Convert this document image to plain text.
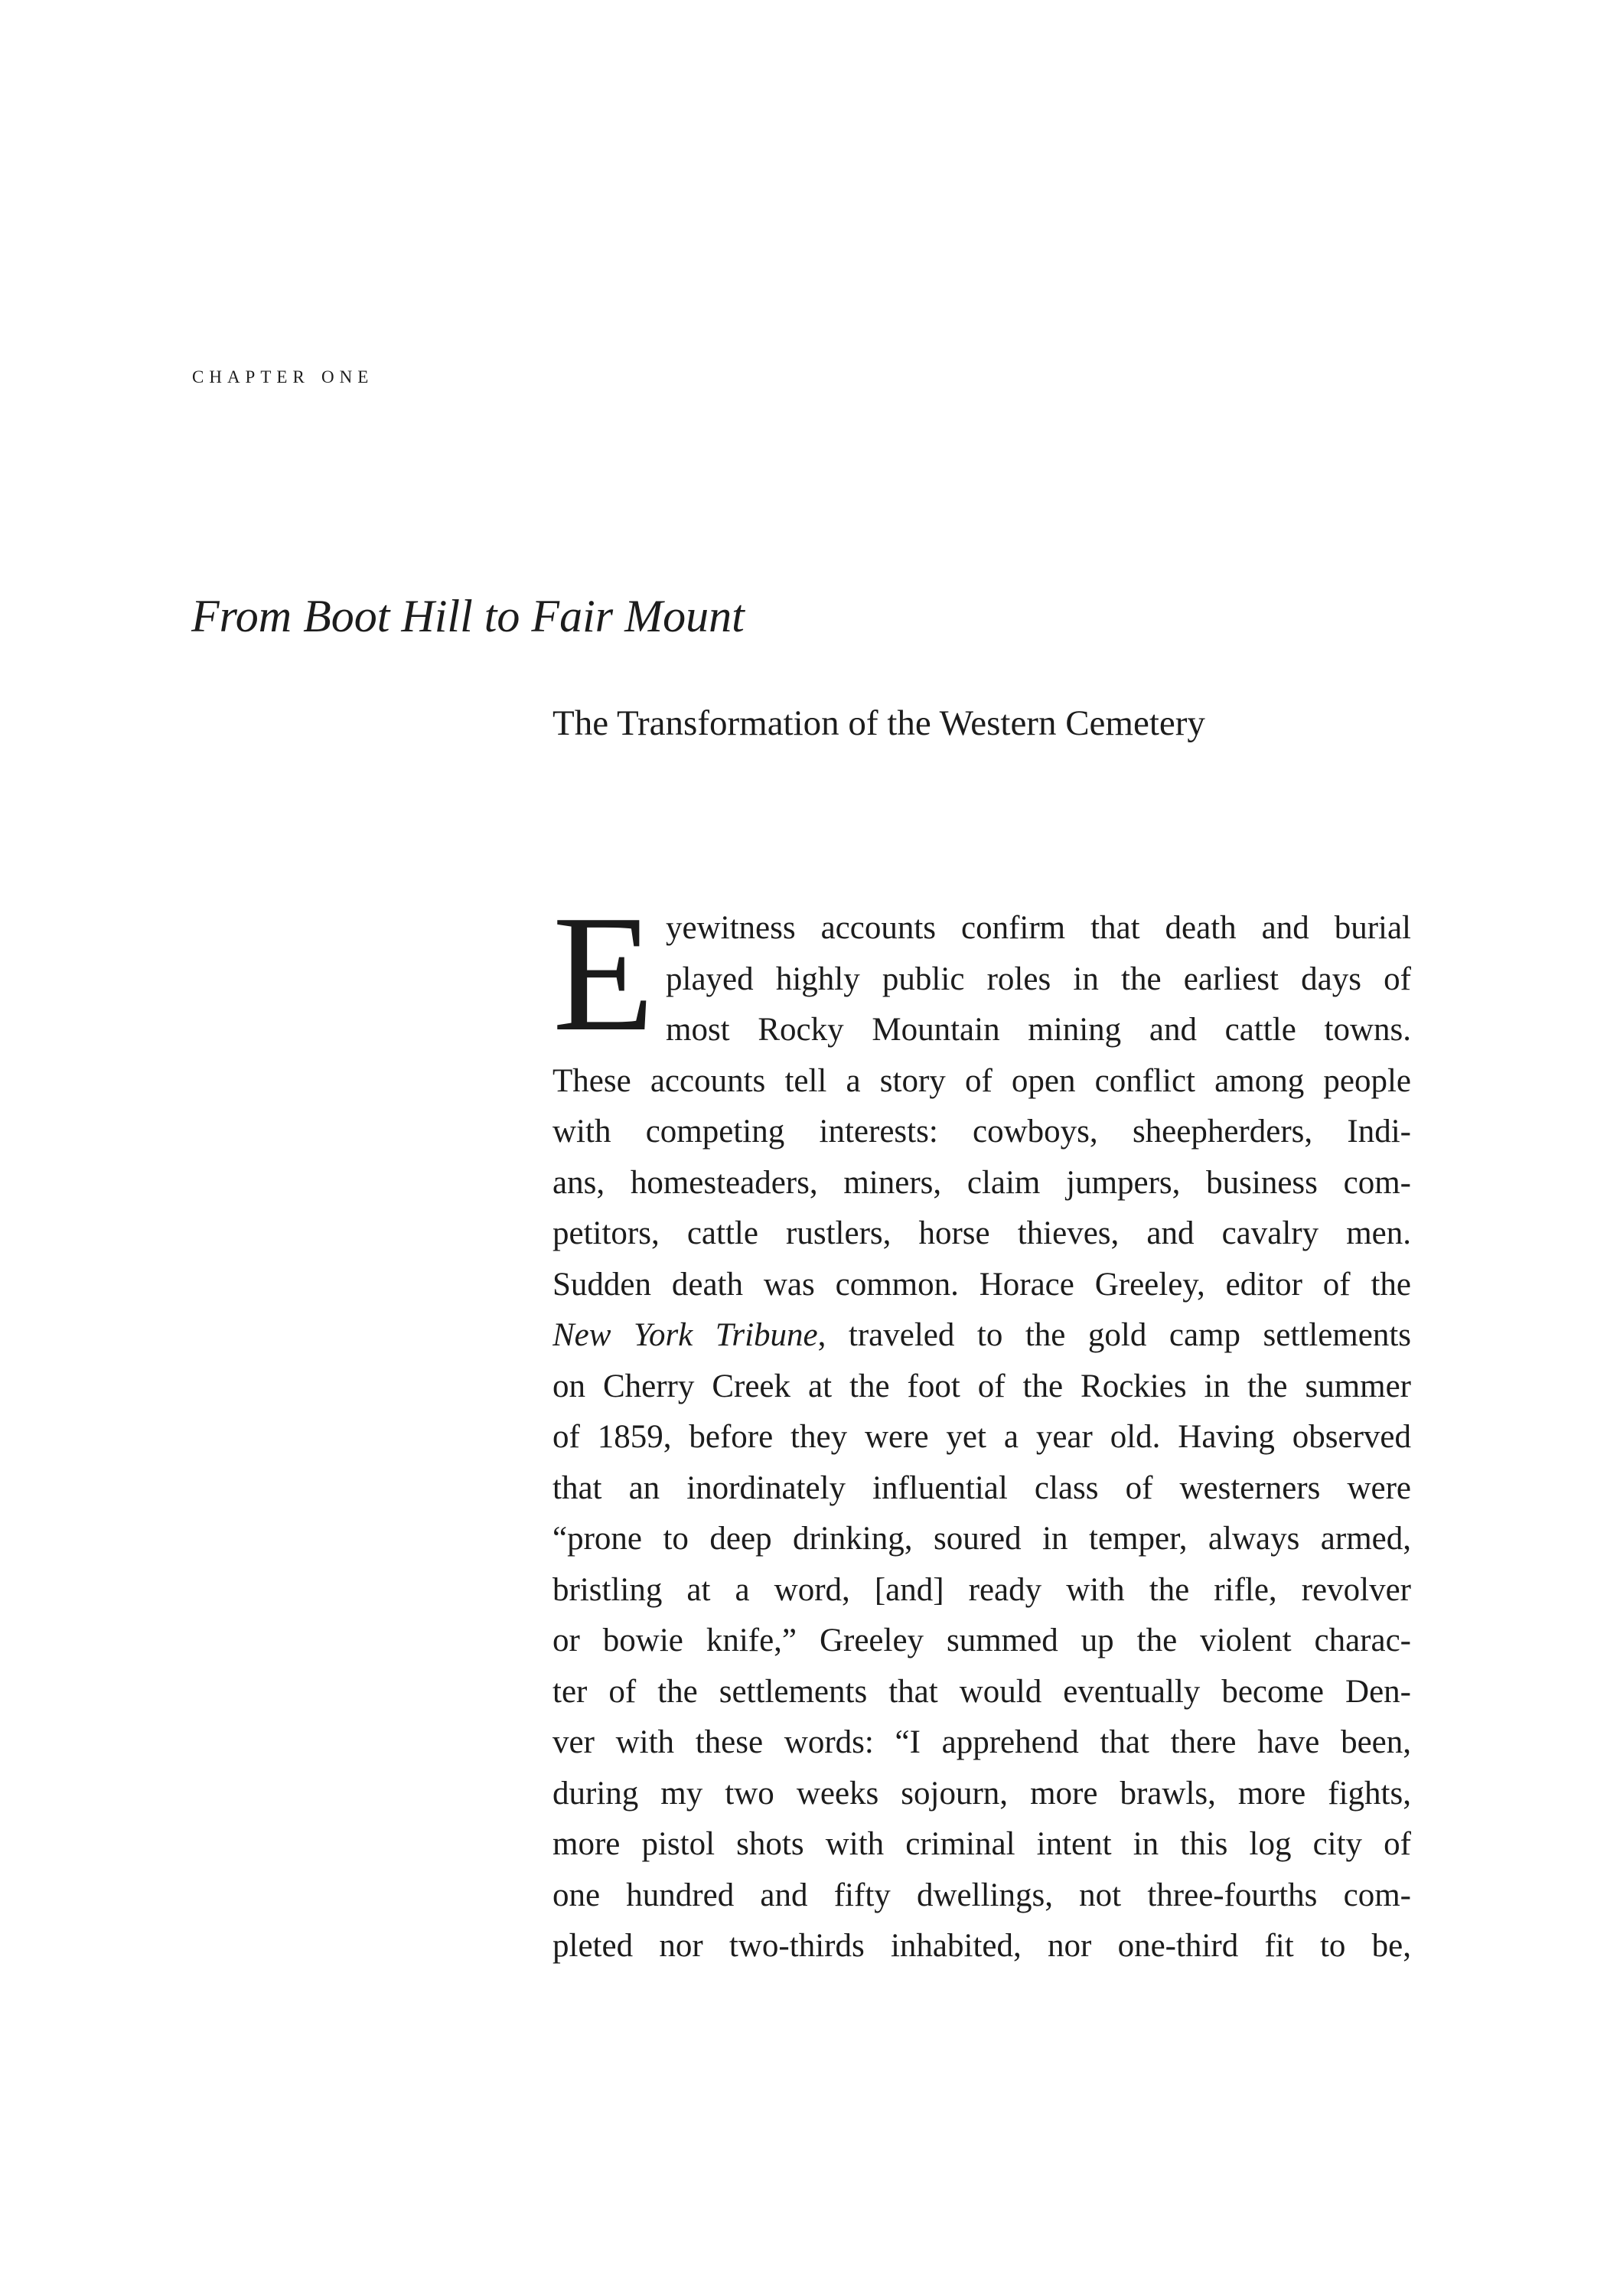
chapter one
From Boot Hill to Fair Mount
The Transformation of the Western Cemetery
E yewitness accounts confirm that death and burial
played highly public roles in the earliest days of
most Rocky Mountain mining and cattle towns.
These accounts tell a story of open conflict among people
with competing interests: cowboys, sheepherders, Indi-
ans, homesteaders, miners, claim jumpers, business com-
petitors, cattle rustlers, horse thieves, and cavalry men.
Sudden death was common. Horace Greeley, editor of the
New York Tribune, traveled to the gold camp settlements
on Cherry Creek at the foot of the Rockies in the summer
of 1859, before they were yet a year old. Having observed
that an inordinately influential class of westerners were
“prone to deep drinking, soured in temper, always armed,
bristling at a word, [and] ready with the rifle, revolver
or bowie knife,” Greeley summed up the violent charac-
ter of the settlements that would eventually become Den-
ver with these words: “I apprehend that there have been,
during my two weeks sojourn, more brawls, more fights,
more pistol shots with criminal intent in this log city of
one hundred and fifty dwellings, not three-fourths com-
pleted nor two-thirds inhabited, nor one-third fit to be,
